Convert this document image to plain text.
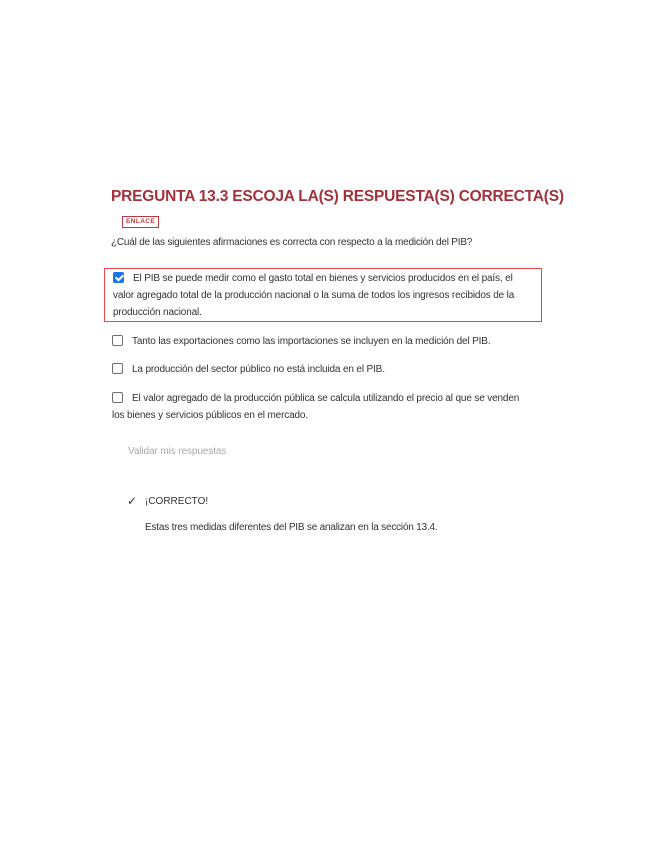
PREGUNTA 13.3 ESCOJA LA(S) RESPUESTA(S) CORRECTA(S)
ENLACE
¿Cuál de las siguientes afirmaciones es correcta con respecto a la medición del PIB?
El PIB se puede medir como el gasto total en bienes y servicios producidos en el país, el valor agregado total de la producción nacional o la suma de todos los ingresos recibidos de la producción nacional.
Tanto las exportaciones como las importaciones se incluyen en la medición del PIB.
La producción del sector público no está incluida en el PIB.
El valor agregado de la producción pública se calcula utilizando el precio al que se venden los bienes y servicios públicos en el mercado.
Validar mis respuestas
✓ ¡CORRECTO!
Estas tres medidas diferentes del PIB se analizan en la sección 13.4.
